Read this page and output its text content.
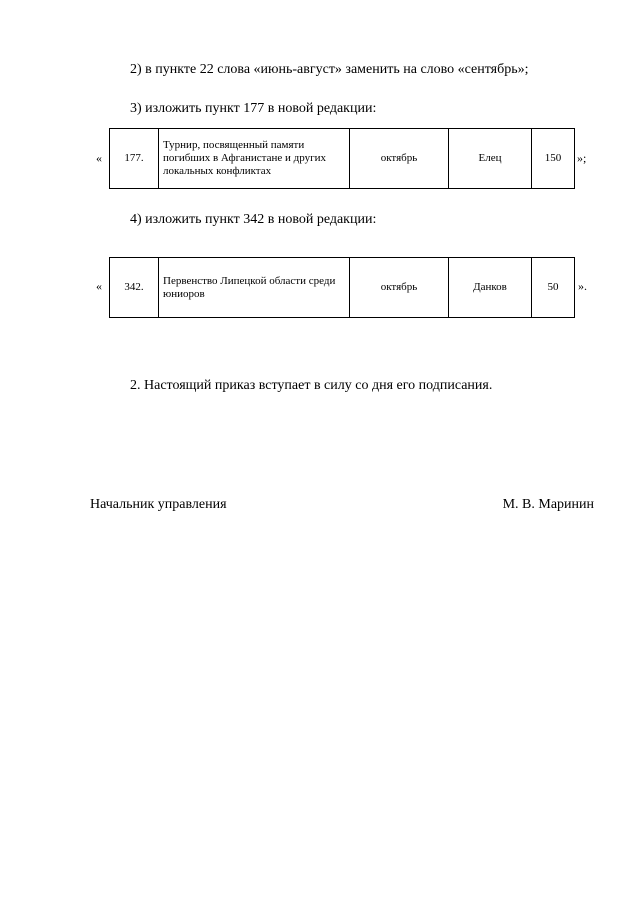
2) в пункте 22 слова «июнь-август» заменить на слово «сентябрь»;
3) изложить пункт 177 в новой редакции:
« 177.	Турнир, посвященный памяти погибших в Афганистане и других локальных конфликтах	октябрь	Елец	150 »;
4) изложить пункт 342 в новой редакции:
« 342.	Первенство Липецкой области среди юниоров	октябрь	Данков	50 ».
2. Настоящий приказ вступает в силу со дня его подписания.
Начальник управления	М. В. Маринин
